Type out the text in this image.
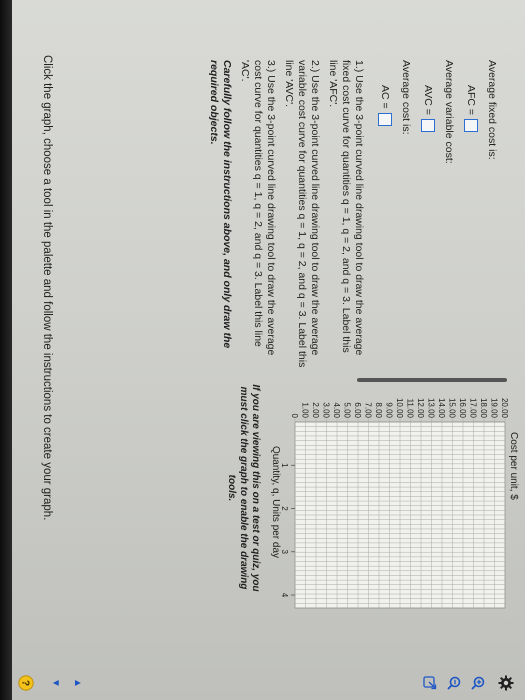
Average fixed cost is:

AFC =

Average variable cost:

AVC =

Average cost is:

AC =

1.) Use the 3-point curved line drawing tool to draw the average fixed cost curve for quantities q = 1, q = 2, and q = 3. Label this line 'AFC'.

2.) Use the 3-point curved line drawing tool to draw the average variable cost curve for quantities q = 1, q = 2, and q = 3. Label this line 'AVC'.

3.) Use the 3-point curved line drawing tool to draw the average cost curve for quantities q = 1, q = 2, and q = 3. Label this line 'AC'.

Carefully follow the instructions above, and only draw the required objects.

Cost per unit, $
0 1.00 2.00 3.00 4.00 5.00 6.00 7.00 8.00 9.00 10.00 11.00 12.00 13.00 14.00 15.00 16.00 17.00 18.00 19.00 20.00
1
2
3
4
Quantity, q, Units per day
If you are viewing this on a test or quiz, you must click the graph to enable the drawing tools.
Click the graph, choose a tool in the palette and follow the instructions to create your graph.
▲
▼
?
